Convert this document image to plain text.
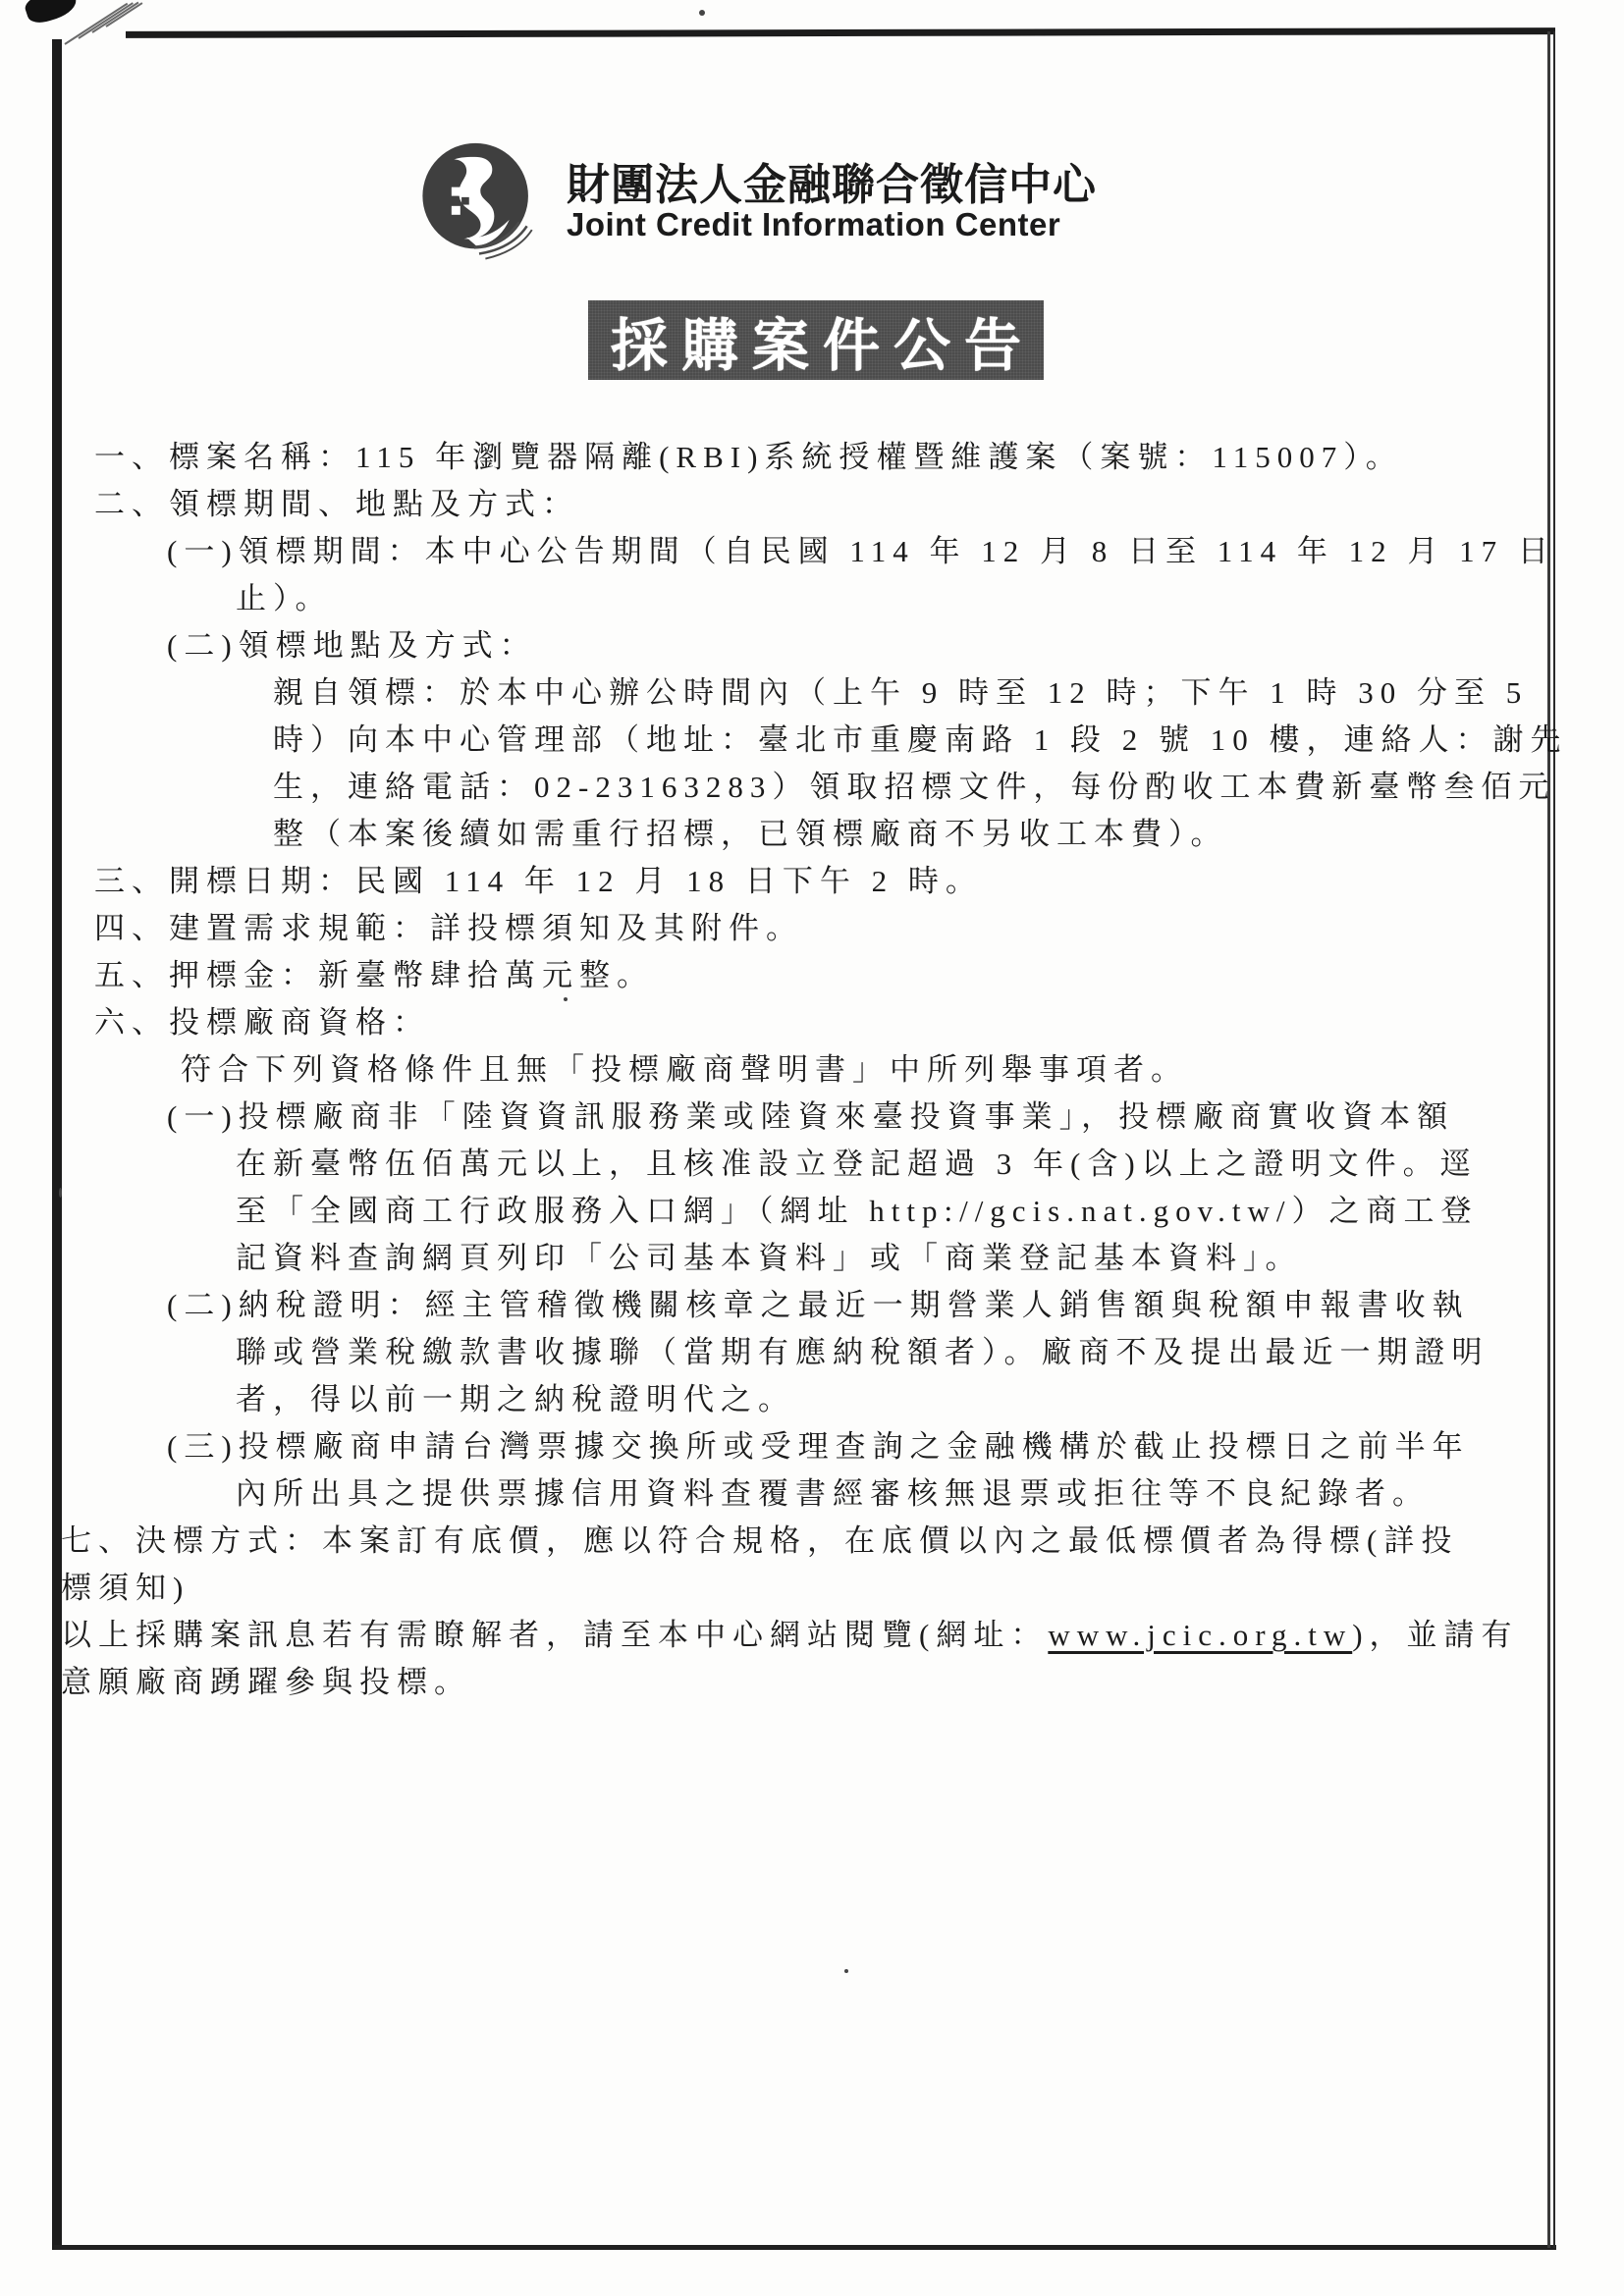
財團法人金融聯合徵信中心
Joint Credit Information Center
採購案件公告
一、標案名稱：115 年瀏覽器隔離(RBI)系統授權暨維護案（案號：115007）。
二、領標期間、地點及方式：
(一)領標期間：本中心公告期間（自民國 114 年 12 月 8 日至 114 年 12 月 17 日
止）。
(二)領標地點及方式：
親自領標：於本中心辦公時間內（上午 9 時至 12 時；下午 1 時 30 分至 5
時）向本中心管理部（地址：臺北市重慶南路 1 段 2 號 10 樓，連絡人：謝先
生，連絡電話：02-23163283）領取招標文件，每份酌收工本費新臺幣叁佰元
整（本案後續如需重行招標，已領標廠商不另收工本費）。
三、開標日期：民國 114 年 12 月 18 日下午 2 時。
四、建置需求規範：詳投標須知及其附件。
五、押標金：新臺幣肆拾萬元整。
六、投標廠商資格：
符合下列資格條件且無「投標廠商聲明書」中所列舉事項者。
(一)投標廠商非「陸資資訊服務業或陸資來臺投資事業」，投標廠商實收資本額
在新臺幣伍佰萬元以上，且核准設立登記超過 3 年(含)以上之證明文件。逕
至「全國商工行政服務入口網」（網址 http://gcis.nat.gov.tw/）之商工登
記資料查詢網頁列印「公司基本資料」或「商業登記基本資料」。
(二)納稅證明：經主管稽徵機關核章之最近一期營業人銷售額與稅額申報書收執
聯或營業稅繳款書收據聯（當期有應納稅額者）。廠商不及提出最近一期證明
者，得以前一期之納稅證明代之。
(三)投標廠商申請台灣票據交換所或受理查詢之金融機構於截止投標日之前半年
內所出具之提供票據信用資料查覆書經審核無退票或拒往等不良紀錄者。
七、決標方式：本案訂有底價，應以符合規格，在底價以內之最低標價者為得標(詳投
標須知)
以上採購案訊息若有需瞭解者，請至本中心網站閱覽(網址：www.jcic.org.tw)，並請有
意願廠商踴躍參與投標。
